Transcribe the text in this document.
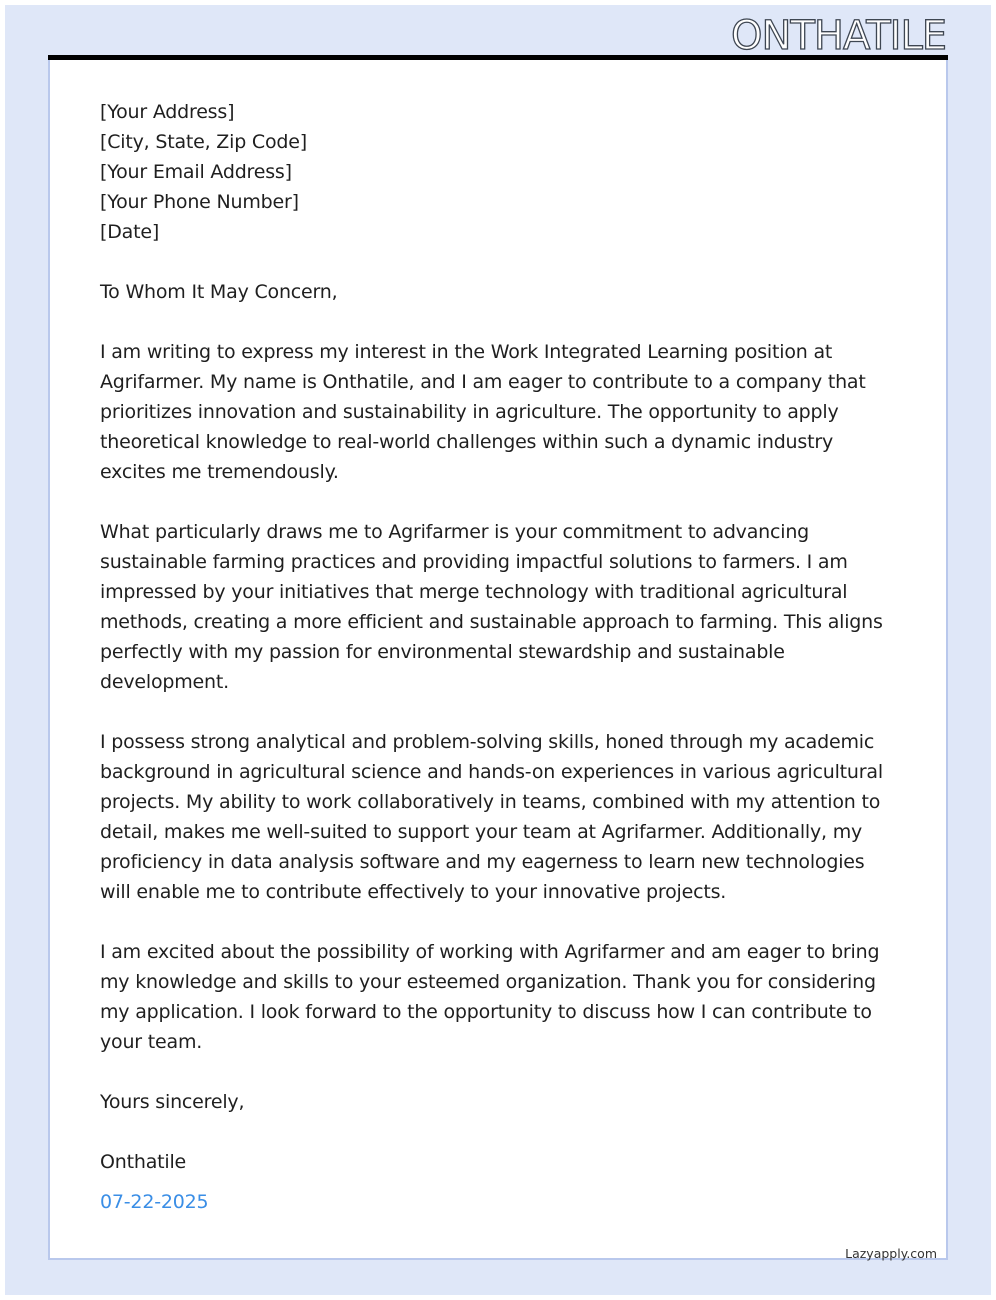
ONTHATILE

[Your Address]

[City, State, Zip Code]

[Your Email Address]

[Your Phone Number]

[Date]

To Whom It May Concern,

I am writing to express my interest in the Work Integrated Learning position at Agrifarmer. My name is Onthatile, and I am eager to contribute to a company that prioritizes innovation and sustainability in agriculture. The opportunity to apply theoretical knowledge to real-world challenges within such a dynamic industry excites me tremendously.

What particularly draws me to Agrifarmer is your commitment to advancing sustainable farming practices and providing impactful solutions to farmers. I am impressed by your initiatives that merge technology with traditional agricultural methods, creating a more efficient and sustainable approach to farming. This aligns perfectly with my passion for environmental stewardship and sustainable development.

I possess strong analytical and problem-solving skills, honed through my academic background in agricultural science and hands-on experiences in various agricultural projects. My ability to work collaboratively in teams, combined with my attention to detail, makes me well-suited to support your team at Agrifarmer. Additionally, my proficiency in data analysis software and my eagerness to learn new technologies will enable me to contribute effectively to your innovative projects.

I am excited about the possibility of working with Agrifarmer and am eager to bring my knowledge and skills to your esteemed organization. Thank you for considering my application. I look forward to the opportunity to discuss how I can contribute to your team.

Yours sincerely,

Onthatile

07-22-2025

Lazyapply.com
